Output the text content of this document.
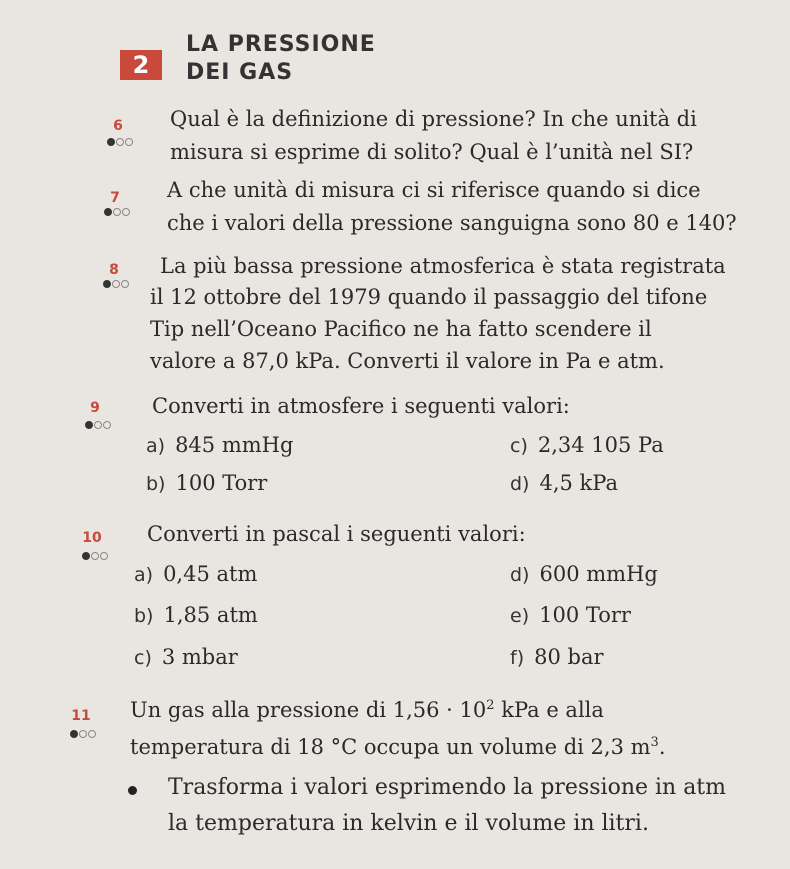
2
LA PRESSIONE
DEI GAS
6	Qual è la definizione di pressione? In che unità di
misura si esprime di solito? Qual è l’unità nel SI?
7	A che unità di misura ci si riferisce quando si dice
che i valori della pressione sanguigna sono 80 e 140?
8	La più bassa pressione atmosferica è stata registrata
il 12 ottobre del 1979 quando il passaggio del tifone
Tip nell’Oceano Pacifico ne ha fatto scendere il
valore a 87,0 kPa. Converti il valore in Pa e atm.
9	Converti in atmosfere i seguenti valori:
a) 845 mmHg
b) 100 Torr
c) 2,34 105 Pa
d) 4,5 kPa
10	Converti in pascal i seguenti valori:
a) 0,45 atm
b) 1,85 atm
c) 3 mbar
d) 600 mmHg
e) 100 Torr
f) 80 bar
11	Un gas alla pressione di $1,56 \cdot 10^2$ kPa e alla
temperatura di 18 °C occupa un volume di 2,3 $m^3$.
Trasforma i valori esprimendo la pressione in atm
la temperatura in kelvin e il volume in litri.
